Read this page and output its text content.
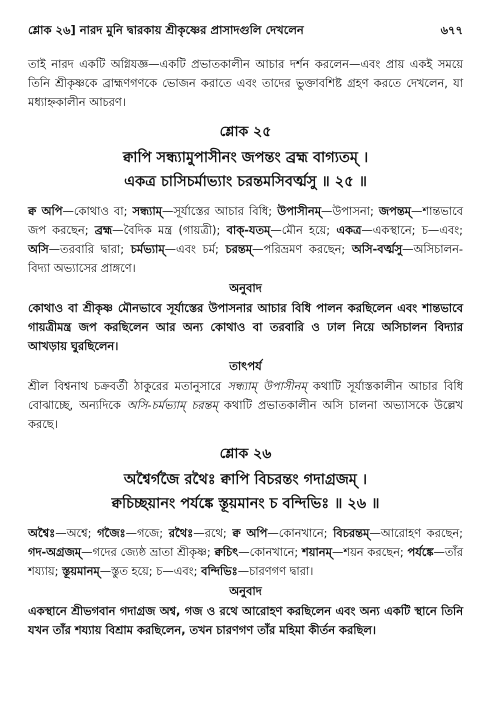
শ্লোক ২৬] নারদ মুনি দ্বারকায় শ্রীকৃষ্ণের প্রাসাদগুলি দেখলেন	৬৭৭

তাই নারদ একটি অগ্নিযজ্ঞ—একটি প্রভাতকালীন আচার দর্শন করলেন—এবং প্রায় একই সময়ে তিনি শ্রীকৃষ্ণকে ব্রাহ্মণগণকে ভোজন করাতে এবং তাদের ভুক্তাবশিষ্ট গ্রহণ করতে দেখলেন, যা মধ্যাহ্নকালীন আচরণ।

শ্লোক ২৫

ক্বাপি সন্ধ্যামুপাসীনং জপন্তং ব্রহ্ম বাগ্যতম্ ।

একত্র চাসিচর্মাভ্যাং চরন্তমসিবর্ত্মসু ॥ ২৫ ॥

ক্ব অপি—কোথাও বা; সন্ধ্যাম্—সূর্যাস্তের আচার বিধি; উপাসীনম্—উপাসনা; জপন্তম্—শান্তভাবে জপ করছেন; ব্রহ্ম—বৈদিক মন্ত্র (গায়ত্রী); বাক্-যতম্—মৌন হয়ে; একত্র—একস্থানে; চ—এবং; অসি—তরবারি দ্বারা; চর্মভ্যাম্—এবং চর্ম; চরন্তম্—পরিভ্রমণ করছেন; অসি-বর্ত্মসু—অসিচালন-বিদ্যা অভ্যাসের প্রাঙ্গণে।

অনুবাদ

কোথাও বা শ্রীকৃষ্ণ মৌনভাবে সূর্যাস্তের উপাসনার আচার বিধি পালন করছিলেন এবং শান্তভাবে গায়ত্রীমন্ত্র জপ করছিলেন আর অন্য কোথাও বা তরবারি ও ঢাল নিয়ে অসিচালন বিদ্যার আখড়ায় ঘুরছিলেন।

তাৎপর্য

শ্রীল বিশ্বনাথ চক্রবর্তী ঠাকুরের মতানুসারে সন্ধ্যাম্ উপাসীনম্ কথাটি সূর্যাস্তকালীন আচার বিধি বোঝাচ্ছে, অন্যদিকে অসি-চর্মভ্যাম্ চরন্তম্ কথাটি প্রভাতকালীন অসি চালনা অভ্যাসকে উল্লেখ করছে।

শ্লোক ২৬

অশ্বৈর্গজৈ রথৈঃ ক্বাপি বিচরন্তং গদাগ্রজম্ ।

ক্বচিচ্ছয়ানং পর্যঙ্কে স্তূয়মানং চ বন্দিভিঃ ॥ ২৬ ॥

অশ্বৈঃ—অশ্বে; গজৈঃ—গজে; রথৈঃ—রথে; ক্ব অপি—কোনখানে; বিচরন্তম্—আরোহণ করছেন; গদ-অগ্রজম্—গদের জ্যেষ্ঠ ভ্রাতা শ্রীকৃষ্ণ; ক্বচিৎ—কোনখানে; শয়ানম্—শয়ন করছেন; পর্যঙ্কে—তাঁর শয্যায়; স্তূয়মানম্—স্তুত হয়ে; চ—এবং; বন্দিভিঃ—চারণগণ দ্বারা।

অনুবাদ

একস্থানে শ্রীভগবান গদাগ্রজ অশ্ব, গজ ও রথে আরোহণ করছিলেন এবং অন্য একটি স্থানে তিনি যখন তাঁর শয্যায় বিশ্রাম করছিলেন, তখন চারণগণ তাঁর মহিমা কীর্তন করছিল।
